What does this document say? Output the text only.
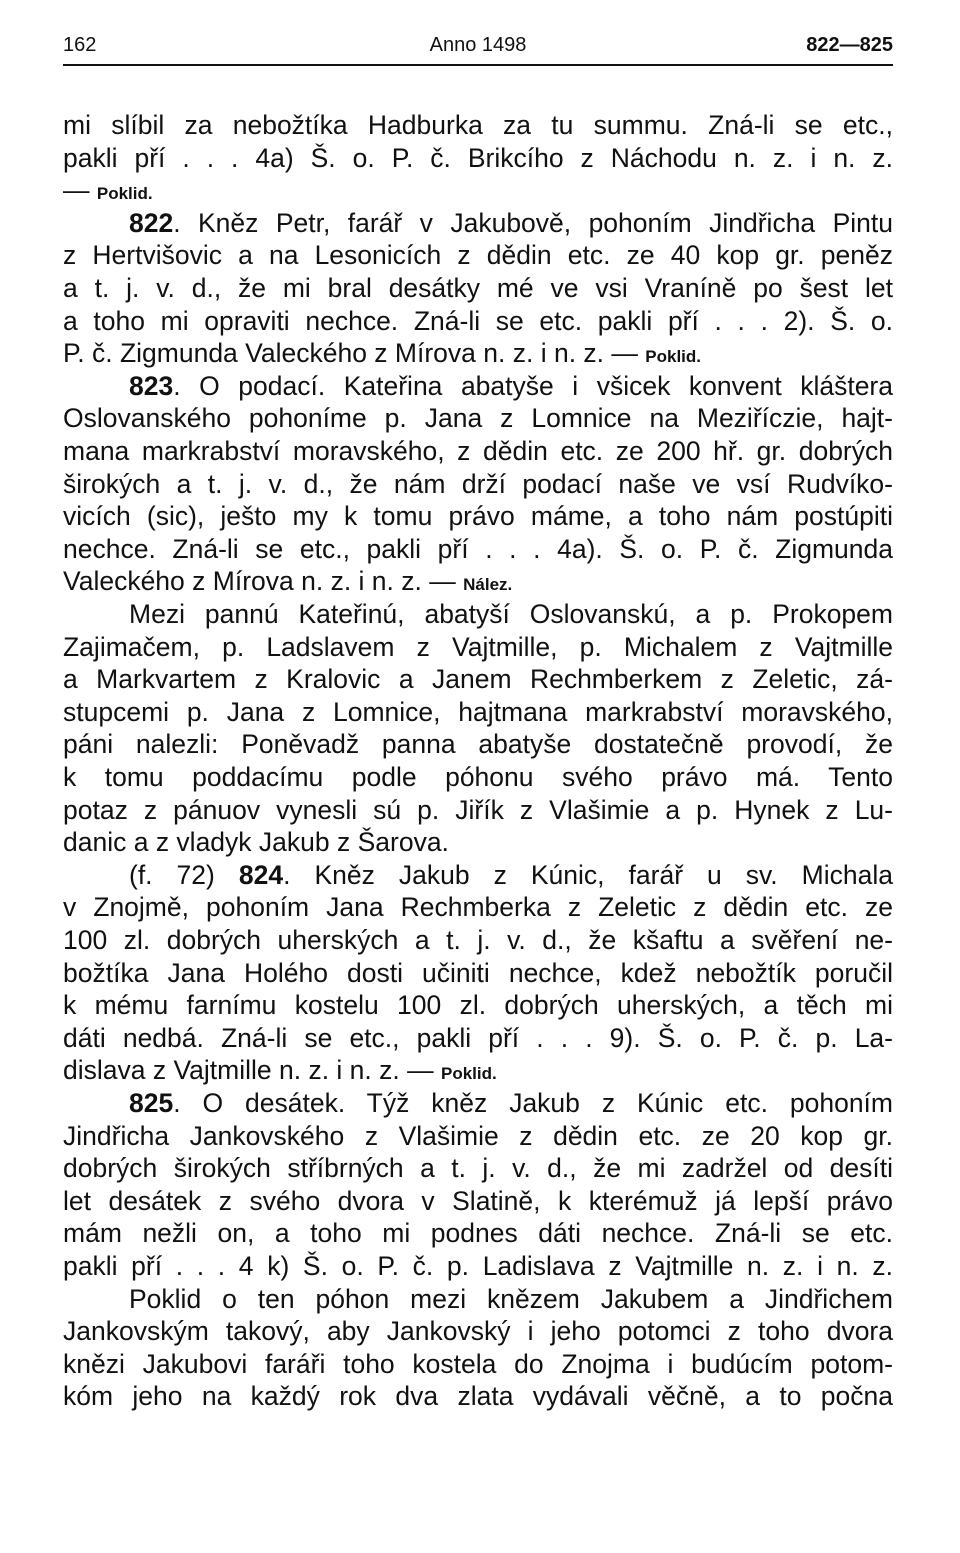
162	Anno 1498	822—825
mi slíbil za nebožtíka Hadburka za tu summu. Zná-li se etc.,
pakli pří . . . 4a) Š. o. P. č. Brikcího z Náchodu n. z. i n. z.
— Poklid.
822. Kněz Petr, farář v Jakubově, pohoním Jindřicha Pintu
z Hertvišovic a na Lesonicích z dědin etc. ze 40 kop gr. peněz
a t. j. v. d., že mi bral desátky mé ve vsi Vraníně po šest let
a toho mi opraviti nechce. Zná-li se etc. pakli pří . . . 2). Š. o.
P. č. Zigmunda Valeckého z Mírova n. z. i n. z. — Poklid.
823. O podací. Kateřina abatyše i všicek konvent kláštera
Oslovanského pohoníme p. Jana z Lomnice na Meziříczie, hajt-
mana markrabství moravského, z dědin etc. ze 200 hř. gr. dobrých
širokých a t. j. v. d., že nám drží podací naše ve vsí Rudvíko-
vicích (sic), ješto my k tomu právo máme, a toho nám postúpiti
nechce. Zná-li se etc., pakli pří . . . 4a). Š. o. P. č. Zigmunda
Valeckého z Mírova n. z. i n. z. — Nález.
Mezi pannú Kateřinú, abatyší Oslovanskú, a p. Prokopem
Zajimačem, p. Ladslavem z Vajtmille, p. Michalem z Vajtmille
a Markvartem z Kralovic a Janem Rechmberkem z Zeletic, zá-
stupcemi p. Jana z Lomnice, hajtmana markrabství moravského,
páni nalezli: Poněvadž panna abatyše dostatečně provodí, že
k tomu poddacímu podle póhonu svého právo má. Tento
potaz z pánuov vynesli sú p. Jiřík z Vlašimie a p. Hynek z Lu-
danic a z vladyk Jakub z Šarova.
(f. 72) 824. Kněz Jakub z Kúnic, farář u sv. Michala
v Znojmě, pohoním Jana Rechmberka z Zeletic z dědin etc. ze
100 zl. dobrých uherských a t. j. v. d., že kšaftu a svěření ne-
božtíka Jana Holého dosti učiniti nechce, kdež nebožtík poručil
k mému farnímu kostelu 100 zl. dobrých uherských, a těch mi
dáti nedbá. Zná-li se etc., pakli pří . . . 9). Š. o. P. č. p. La-
dislava z Vajtmille n. z. i n. z. — Poklid.
825. O desátek. Týž kněz Jakub z Kúnic etc. pohoním
Jindřicha Jankovského z Vlašimie z dědin etc. ze 20 kop gr.
dobrých širokých stříbrných a t. j. v. d., že mi zadržel od desíti
let desátek z svého dvora v Slatině, k kterémuž já lepší právo
mám nežli on, a toho mi podnes dáti nechce. Zná-li se etc.
pakli pří . . . 4 k) Š. o. P. č. p. Ladislava z Vajtmille n. z. i n. z.
Poklid o ten póhon mezi knězem Jakubem a Jindřichem
Jankovským takový, aby Jankovský i jeho potomci z toho dvora
knězi Jakubovi faráři toho kostela do Znojma i budúcím potom-
kóm jeho na každý rok dva zlata vydávali věčně, a to počna
